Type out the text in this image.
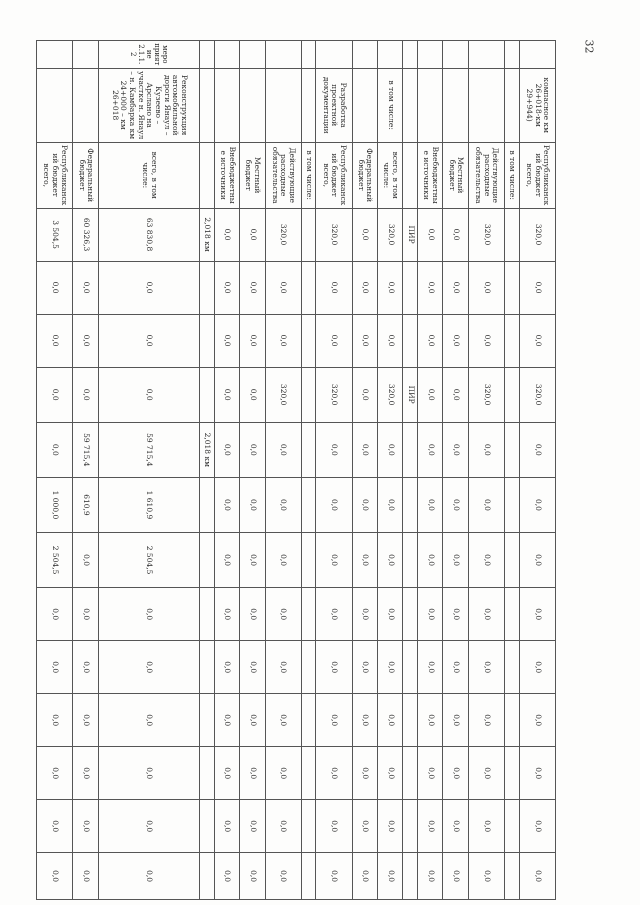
32
	компасное км 26+018-км 29+944)	Республиканский бюджет всего,	320,0	0,0	0,0	320,0	0,0	0,0	0,0	0,0	0,0	0,0	0,0	0,0	0,0
		в том числе:													
		Действующие расходные обязательства	320,0	0,0	0,0	320,0	0,0	0,0	0,0	0,0	0,0	0,0	0,0	0,0	0,0
		Местный бюджет	0,0	0,0	0,0	0,0	0,0	0,0	0,0	0,0	0,0	0,0	0,0	0,0	0,0
		Внебюджетные источники	0,0	0,0	0,0	0,0	0,0	0,0	0,0	0,0	0,0	0,0	0,0	0,0	0,0
			ПИР			ПИР									
	в том числе:	всего, в том числе:	320,0	0,0	0,0	320,0	0,0	0,0	0,0	0,0	0,0	0,0	0,0	0,0	0,0
		Федеральный бюджет	0,0	0,0	0,0	0,0	0,0	0,0	0,0	0,0	0,0	0,0	0,0	0,0	0,0
	Разработка проектной документации	Республиканский бюджет всего,	320,0	0,0	0,0	320,0	0,0	0,0	0,0	0,0	0,0	0,0	0,0	0,0	0,0
		в том числе:													
		Действующие расходные обязательства	320,0	0,0	0,0	320,0	0,0	0,0	0,0	0,0	0,0	0,0	0,0	0,0	0,0
		Местный бюджет	0,0	0,0	0,0	0,0	0,0	0,0	0,0	0,0	0,0	0,0	0,0	0,0	0,0
		Внебюджетные источники	0,0	0,0	0,0	0,0	0,0	0,0	0,0	0,0	0,0	0,0	0,0	0,0	0,0
			2,018 км				2,018 км								
мероприятие 2.1.1.2	Реконструкция автомобильной дороги Янаул – Кузеево – Арслано на участке н. Янаул – н. Камбарка км 24+000 – км 26+018	всего, в том числе:	63 830,8	0,0	0,0	0,0	59 715,4	1 610,9	2 504,5	0,0	0,0	0,0	0,0	0,0	0,0
		Федеральный бюджет	60 326,3	0,0	0,0	0,0	59 715,4	610,9	0,0	0,0	0,0	0,0	0,0	0,0	0,0
		Республиканский бюджет всего,	3 504,5	0,0	0,0	0,0	0,0	1 000,0	2 504,5	0,0	0,0	0,0	0,0	0,0	0,0
